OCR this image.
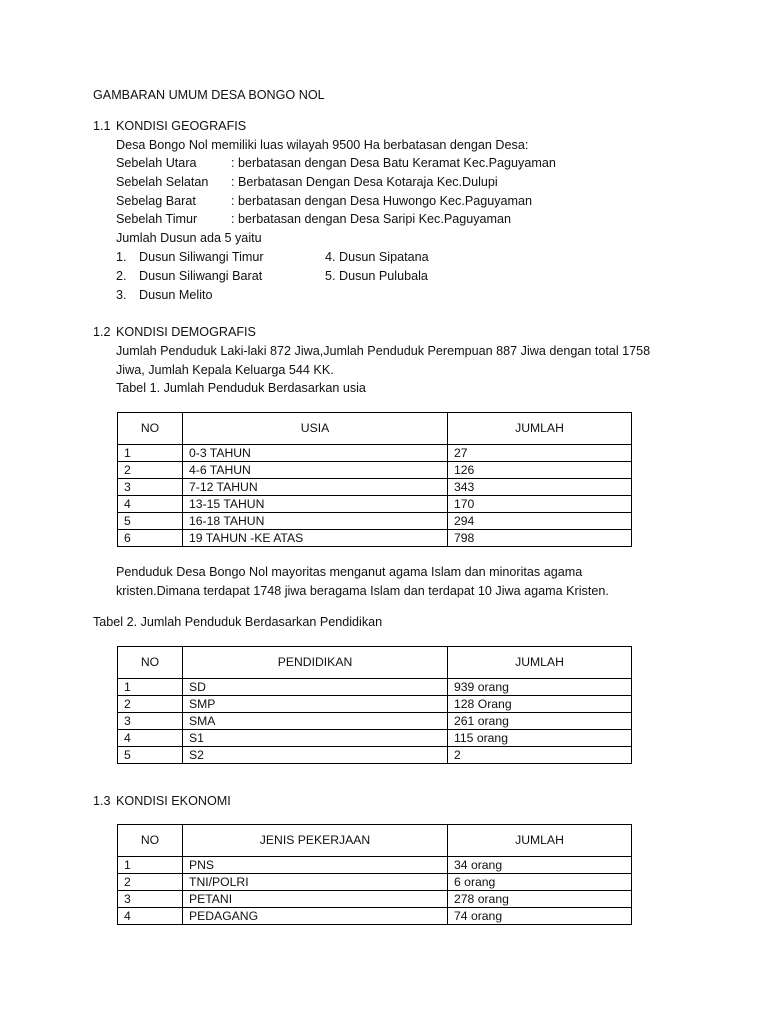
GAMBARAN UMUM DESA BONGO NOL
1.1 KONDISI GEOGRAFIS
Desa Bongo Nol memiliki luas wilayah 9500 Ha berbatasan dengan Desa:
Sebelah Utara	: berbatasan dengan Desa Batu Keramat Kec.Paguyaman
Sebelah Selatan : Berbatasan Dengan Desa Kotaraja Kec.Dulupi
Sebelag Barat	: berbatasan dengan Desa Huwongo Kec.Paguyaman
Sebelah Timur	: berbatasan dengan Desa Saripi Kec.Paguyaman
Jumlah Dusun ada 5 yaitu
1. Dusun Siliwangi Timur
2. Dusun Siliwangi Barat
3. Dusun Melito
4. Dusun Sipatana
5. Dusun Pulubala
1.2 KONDISI DEMOGRAFIS
Jumlah Penduduk Laki-laki 872 Jiwa,Jumlah Penduduk Perempuan 887 Jiwa dengan total 1758
Jiwa, Jumlah Kepala Keluarga 544 KK.
Tabel 1. Jumlah Penduduk Berdasarkan usia
NO	USIA	JUMLAH
1	0-3 TAHUN	27
2	4-6 TAHUN	126
3	7-12 TAHUN	343
4	13-15 TAHUN	170
5	16-18 TAHUN	294
6	19 TAHUN -KE ATAS	798
Penduduk Desa Bongo Nol mayoritas menganut agama Islam dan minoritas agama
kristen.Dimana terdapat 1748 jiwa beragama Islam dan terdapat 10 Jiwa agama Kristen.
Tabel 2. Jumlah Penduduk Berdasarkan Pendidikan
NO	PENDIDIKAN	JUMLAH
1	SD	939 orang
2	SMP	128 Orang
3	SMA	261 orang
4	S1	115 orang
5	S2	2
1.3 KONDISI EKONOMI
NO	JENIS PEKERJAAN	JUMLAH
1	PNS	34 orang
2	TNI/POLRI	6 orang
3	PETANI	278 orang
4	PEDAGANG	74 orang
